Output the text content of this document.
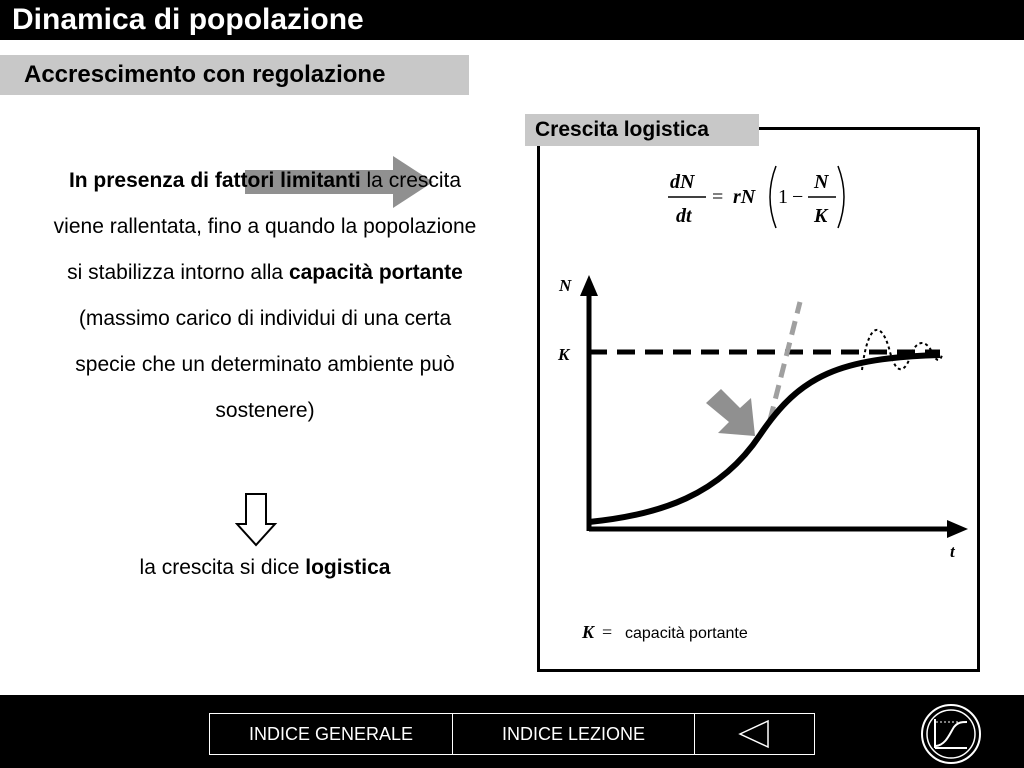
Dinamica di popolazione
Accrescimento con regolazione
In presenza di fattori limitanti la crescita viene rallentata, fino a quando la popolazione si stabilizza intorno alla capacità portante (massimo carico di individui di una certa specie che un determinato ambiente può sostenere)
la crescita si dice logistica
Crescita logistica
dN
dt
= rN 1 −
N
K
N
t
K
K = capacità portante
INDICE GENERALE	INDICE LEZIONE
